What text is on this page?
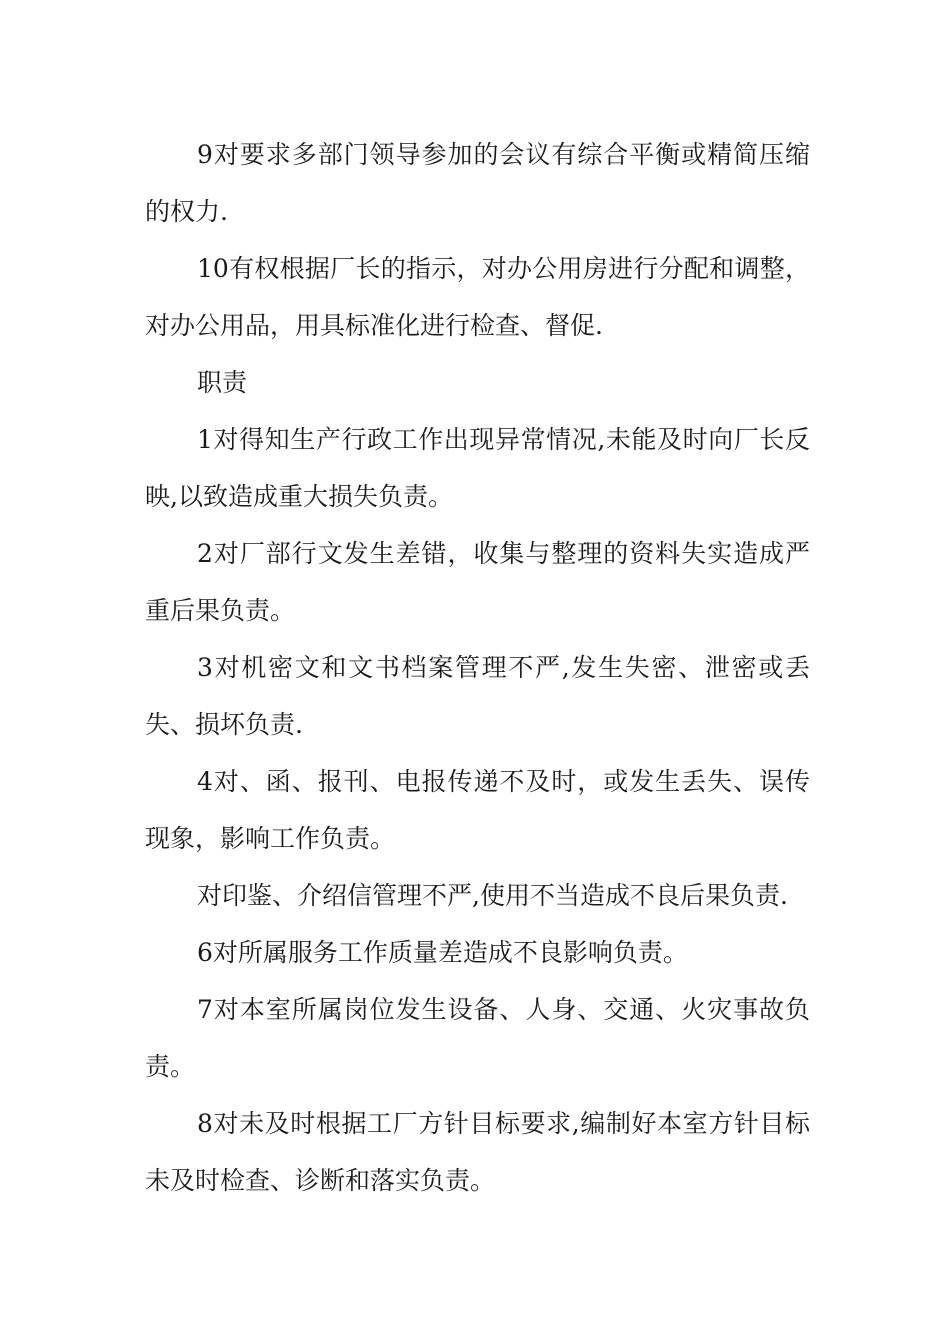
9对要求多部门领导参加的会议有综合平衡或精简压缩的权力.

10有权根据厂长的指示，对办公用房进行分配和调整，对办公用品，用具标准化进行检查、督促.

职责

1对得知生产行政工作出现异常情况,未能及时向厂长反映,以致造成重大损失负责。

2对厂部行文发生差错，收集与整理的资料失实造成严重后果负责。

3对机密文和文书档案管理不严,发生失密、泄密或丢失、损坏负责.

4对、函、报刊、电报传递不及时，或发生丢失、误传现象，影响工作负责。

对印鉴、介绍信管理不严,使用不当造成不良后果负责.

6对所属服务工作质量差造成不良影响负责。

7对本室所属岗位发生设备、人身、交通、火灾事故负责。

8对未及时根据工厂方针目标要求,编制好本室方针目标未及时检查、诊断和落实负责。
